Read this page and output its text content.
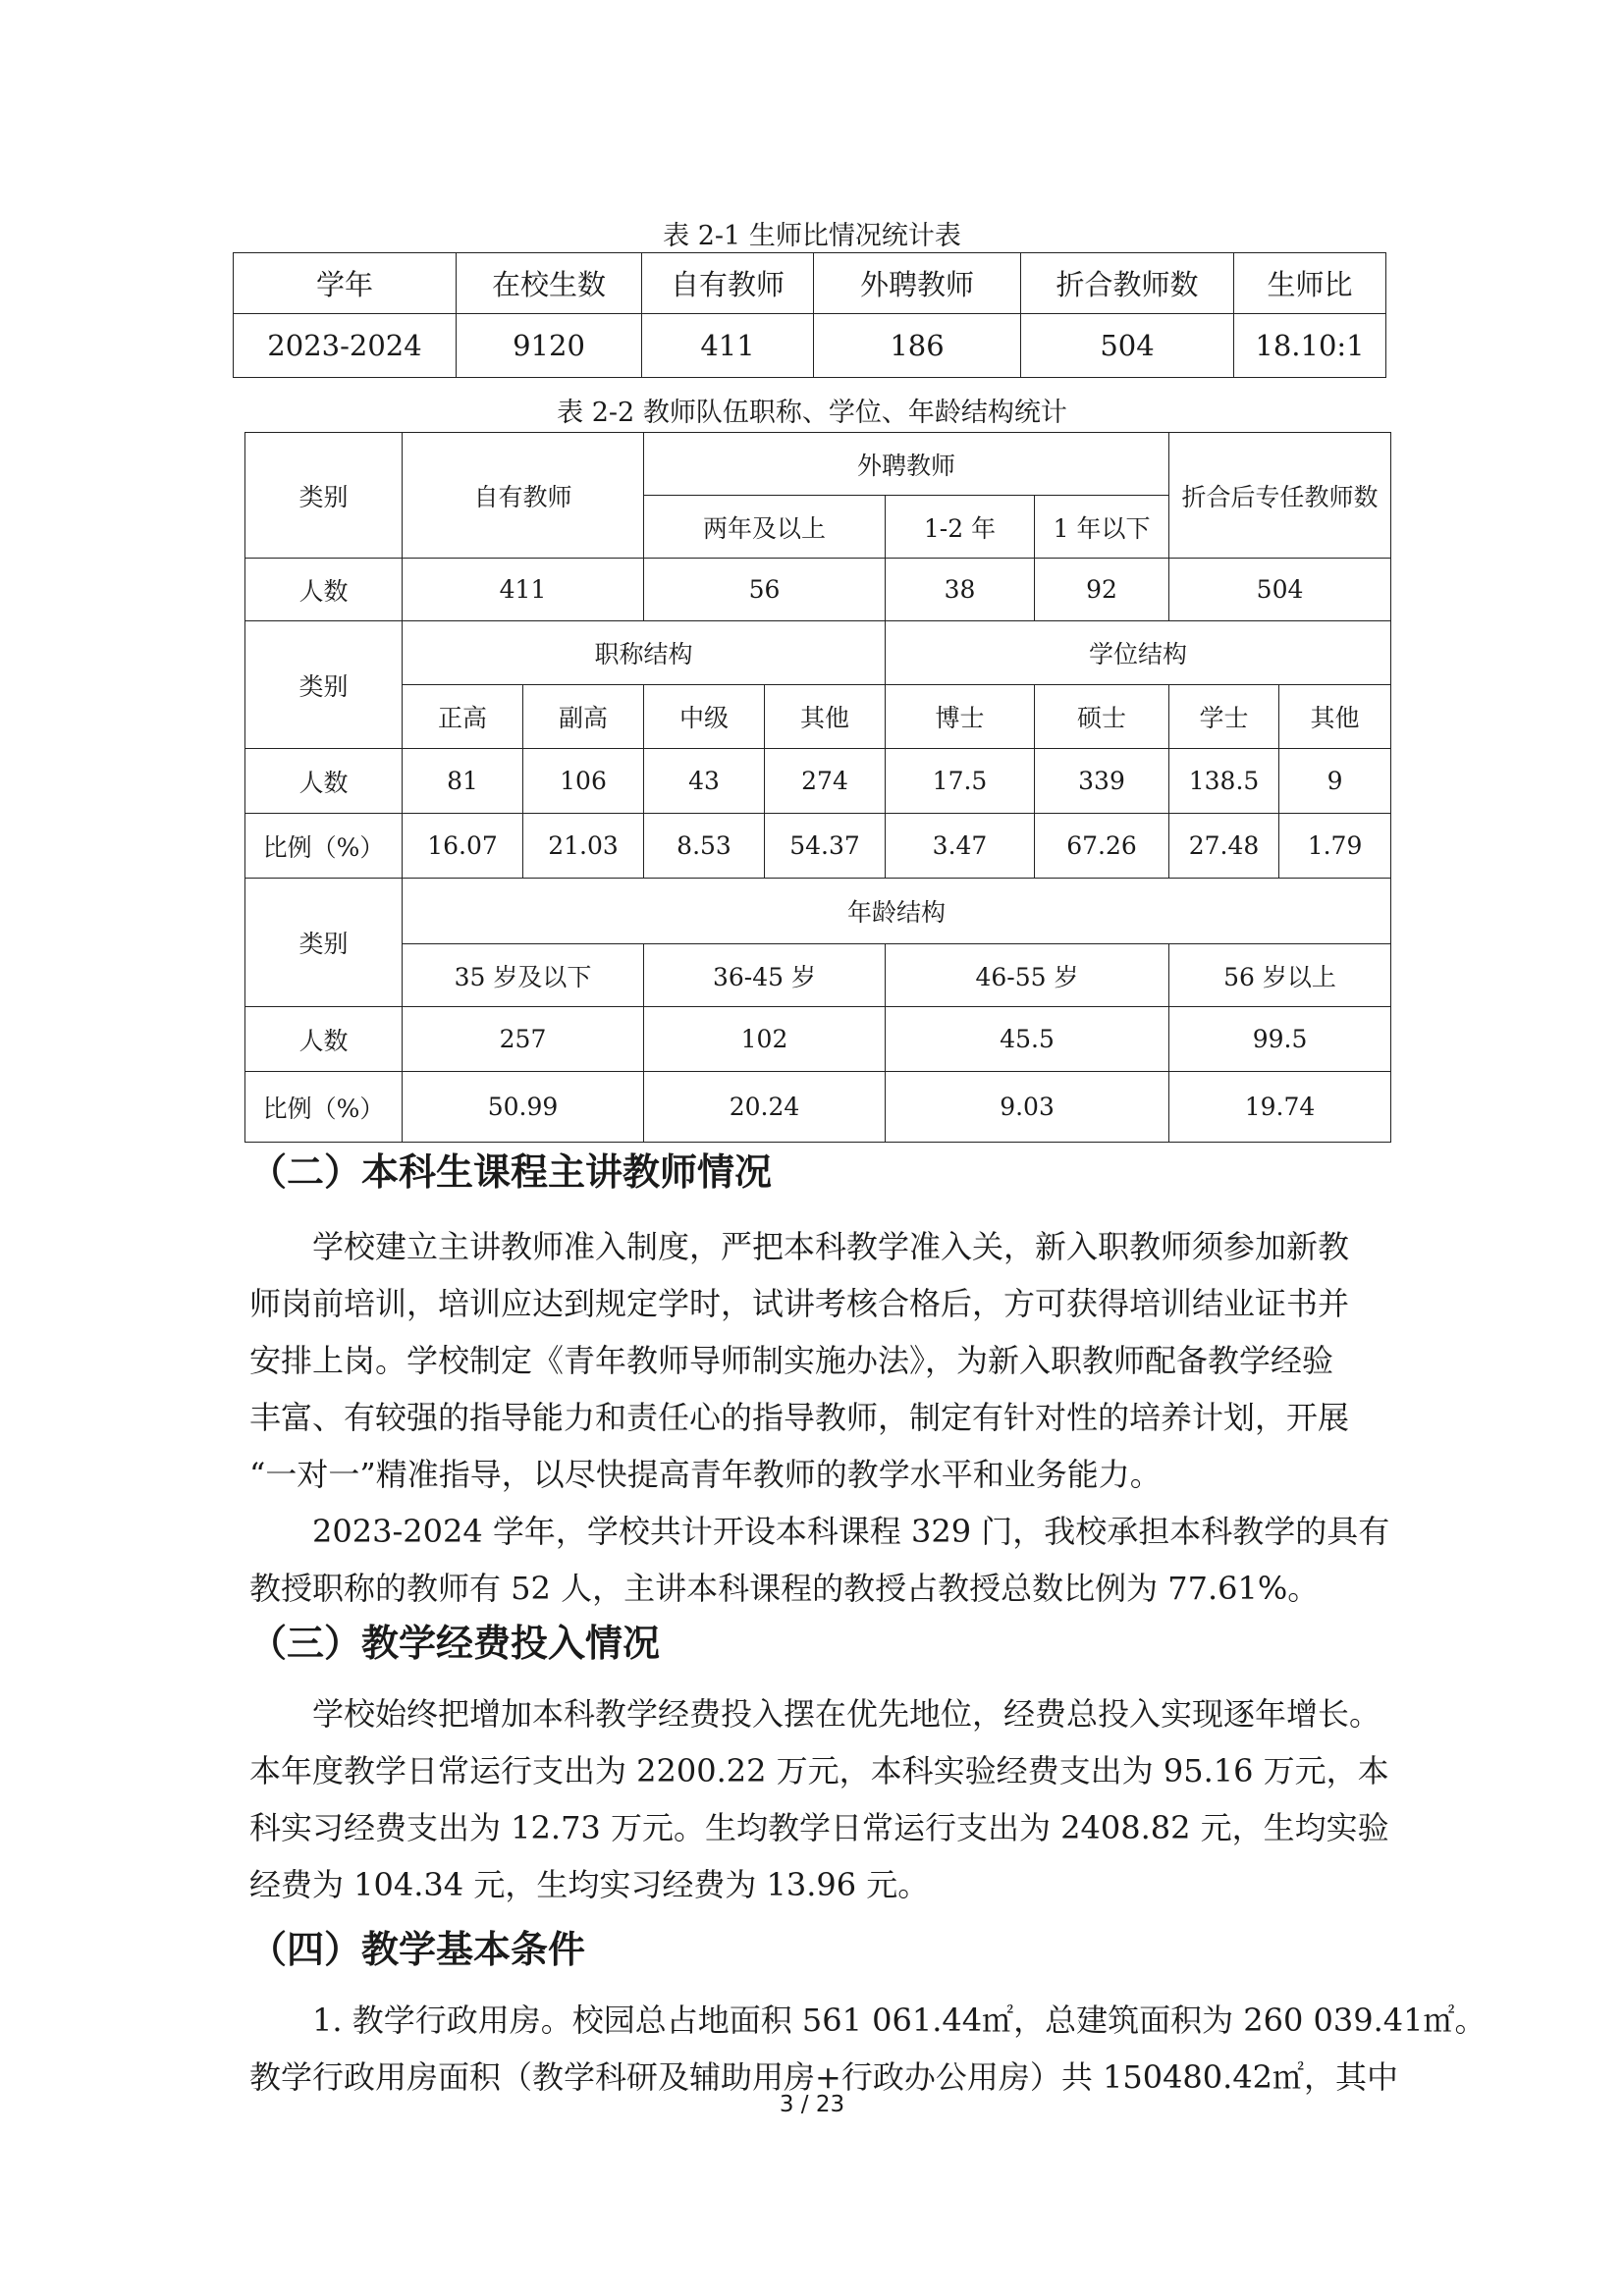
表 2-1 生师比情况统计表
学年	在校生数	自有教师	外聘教师	折合教师数	生师比
2023-2024	9120	411	186	504	18.10:1
表 2-2 教师队伍职称、学位、年龄结构统计
类别	自有教师		外聘教师				折合后专任教师数	
			两年及以上		1-2 年	1 年以下		
人数	411		56		38	92	504	
类别	职称结构				学位结构			
	正高	副高	中级	其他	博士	硕士	学士	其他
人数	81	106	43	274	17.5	339	138.5	9
比例（%）	16.07	21.03	8.53	54.37	3.47	67.26	27.48	1.79
类别	年龄结构							
	35 岁及以下		36-45 岁		46-55 岁		56 岁以上	
人数	257		102		45.5		99.5	
比例（%）	50.99		20.24		9.03		19.74	
（二）本科生课程主讲教师情况

学校建立主讲教师准入制度，严把本科教学准入关，新入职教师须参加新教

师岗前培训，培训应达到规定学时，试讲考核合格后，方可获得培训结业证书并

安排上岗。学校制定《青年教师导师制实施办法》，为新入职教师配备教学经验

丰富、有较强的指导能力和责任心的指导教师，制定有针对性的培养计划，开展

“一对一”精准指导，以尽快提高青年教师的教学水平和业务能力。

2023-2024 学年，学校共计开设本科课程 329 门，我校承担本科教学的具有

教授职称的教师有 52 人，主讲本科课程的教授占教授总数比例为 77.61%。

（三）教学经费投入情况

学校始终把增加本科教学经费投入摆在优先地位，经费总投入实现逐年增长。

本年度教学日常运行支出为 2200.22 万元，本科实验经费支出为 95.16 万元，本

科实习经费支出为 12.73 万元。生均教学日常运行支出为 2408.82 元，生均实验

经费为 104.34 元，生均实习经费为 13.96 元。

（四）教学基本条件

1. 教学行政用房。校园总占地面积 561 061.44㎡，总建筑面积为 260 039.41㎡。

教学行政用房面积（教学科研及辅助用房+行政办公用房）共 150480.42㎡，其中

3 / 23
